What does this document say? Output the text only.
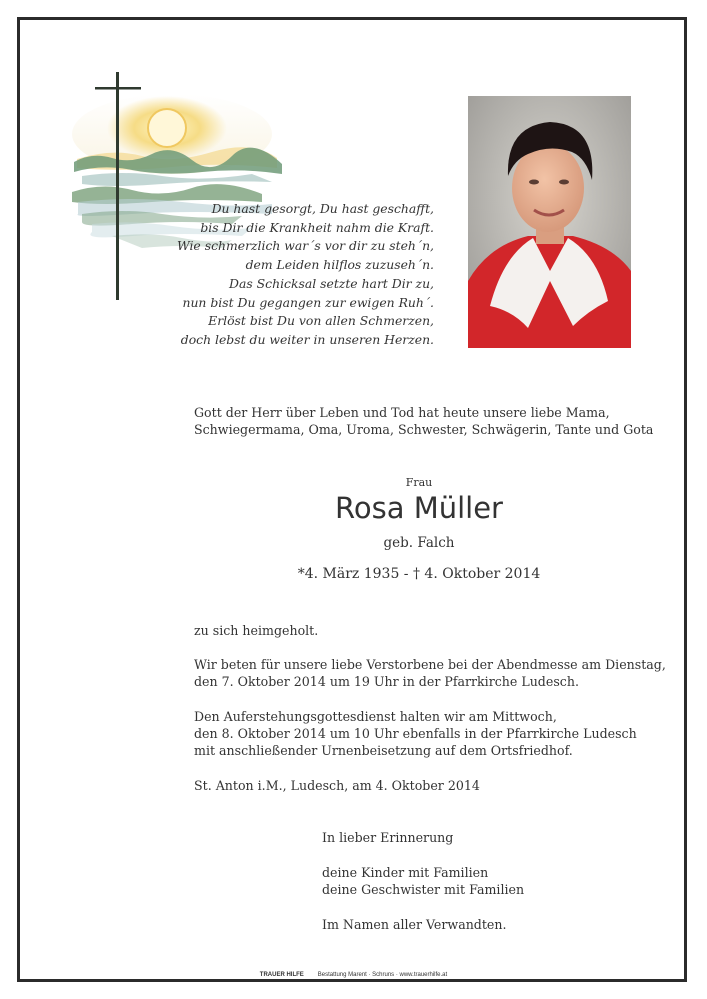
Du hast gesorgt, Du hast geschafft,
bis Dir die Krankheit nahm die Kraft.
Wie schmerzlich war´s vor dir zu steh´n,
dem Leiden hilflos zuzuseh´n.
Das Schicksal setzte hart Dir zu,
nun bist Du gegangen zur ewigen Ruh´.
Erlöst bist Du von allen Schmerzen,
doch lebst du weiter in unseren Herzen.
Gott der Herr über Leben und Tod hat heute unsere liebe Mama,
Schwiegermama, Oma, Uroma, Schwester, Schwägerin, Tante und Gota
Frau
Rosa Müller
geb. Falch
*4. März 1935 - † 4. Oktober 2014
zu sich heimgeholt.
Wir beten für unsere liebe Verstorbene bei der Abendmesse am Dienstag,
den 7. Oktober 2014 um 19 Uhr in der Pfarrkirche Ludesch.
Den Auferstehungsgottesdienst halten wir am Mittwoch,
den 8. Oktober 2014 um 10 Uhr ebenfalls in der Pfarrkirche Ludesch
mit anschließender Urnenbeisetzung auf dem Ortsfriedhof.
St. Anton i.M., Ludesch, am 4. Oktober 2014
In lieber Erinnerung
deine Kinder mit Familien
deine Geschwister mit Familien
Im Namen aller Verwandten.
TRAUER HILFE Bestattung Marent · Schruns · www.trauerhilfe.at
